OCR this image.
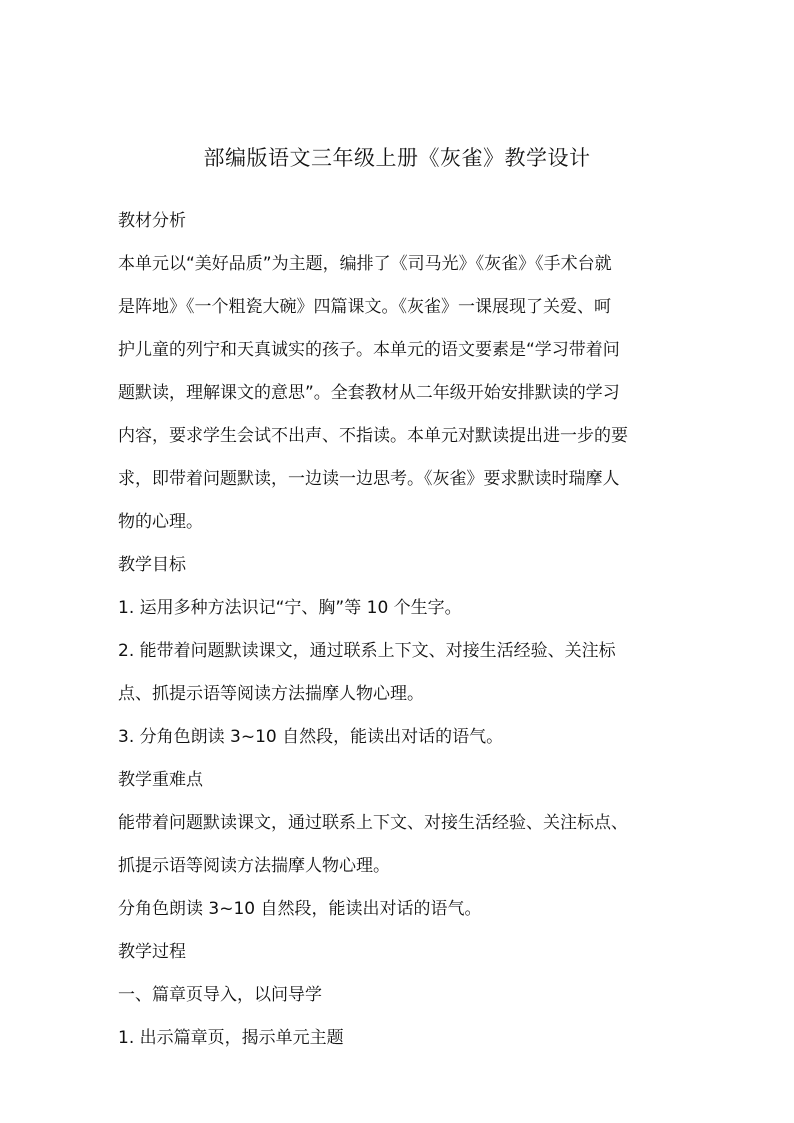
部编版语文三年级上册《灰雀》教学设计
教材分析
本单元以“美好品质”为主题，编排了《司马光》《灰雀》《手术台就
是阵地》《一个粗瓷大碗》四篇课文。《灰雀》一课展现了关爱、呵
护儿童的列宁和天真诚实的孩子。本单元的语文要素是“学习带着问
题默读，理解课文的意思”。全套教材从二年级开始安排默读的学习
内容，要求学生会试不出声、不指读。本单元对默读提出进一步的要
求，即带着问题默读，一边读一边思考。《灰雀》要求默读时瑞摩人
物的心理。
教学目标
1. 运用多种方法识记“宁、胸”等 10 个生字。
2. 能带着问题默读课文，通过联系上下文、对接生活经验、关注标
点、抓提示语等阅读方法揣摩人物心理。
3. 分角色朗读 3~10 自然段，能读出对话的语气。
教学重难点
能带着问题默读课文，通过联系上下文、对接生活经验、关注标点、
抓提示语等阅读方法揣摩人物心理。
分角色朗读 3~10 自然段，能读出对话的语气。
教学过程
一、篇章页导入，以问导学
1. 出示篇章页，揭示单元主题
